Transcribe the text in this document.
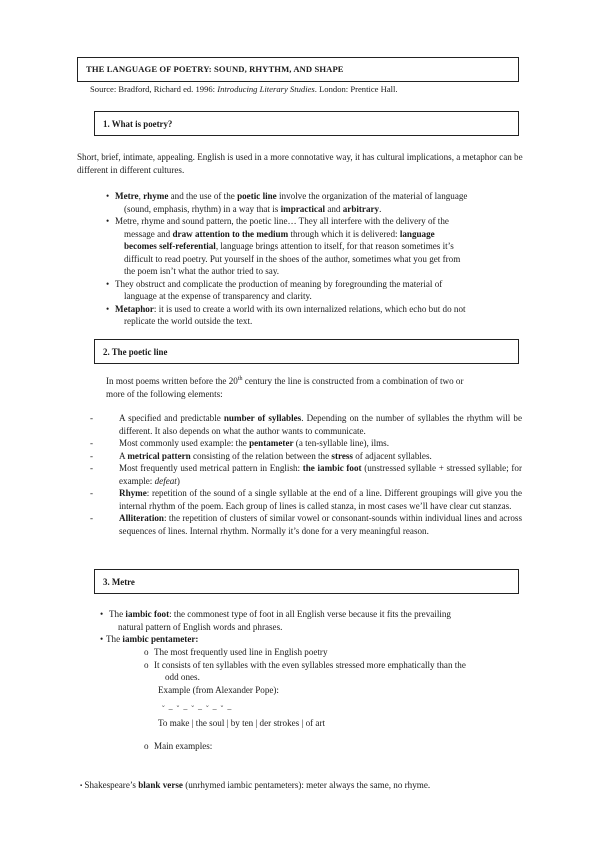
THE LANGUAGE OF POETRY: SOUND, RHYTHM, AND SHAPE
Source: Bradford, Richard ed. 1996: Introducing Literary Studies. London: Prentice Hall.
1. What is poetry?
Short, brief, intimate, appealing. English is used in a more connotative way, it has cultural implications, a metaphor can be different in different cultures.
• Metre, rhyme and the use of the poetic line involve the organization of the material of language
(sound, emphasis, rhythm) in a way that is impractical and arbitrary.
• Metre, rhyme and sound pattern, the poetic line… They all interfere with the delivery of the
message and draw attention to the medium through which it is delivered: language
becomes self-referential, language brings attention to itself, for that reason sometimes it’s
difficult to read poetry. Put yourself in the shoes of the author, sometimes what you get from
the poem isn’t what the author tried to say.
• They obstruct and complicate the production of meaning by foregrounding the material of
language at the expense of transparency and clarity.
• Metaphor: it is used to create a world with its own internalized relations, which echo but do not
replicate the world outside the text.
2. The poetic line
In most poems written before the 20th century the line is constructed from a combination of two or
more of the following elements:
-	A specified and predictable number of syllables. Depending on the number of syllables the rhythm will be different. It also depends on what the author wants to communicate.
-	Most commonly used example: the pentameter (a ten-syllable line), ilms.
-	A metrical pattern consisting of the relation between the stress of adjacent syllables.
-	Most frequently used metrical pattern in English: the iambic foot (unstressed syllable + stressed syllable; for example: defeat)
-	Rhyme: repetition of the sound of a single syllable at the end of a line. Different groupings will give you the internal rhythm of the poem. Each group of lines is called stanza, in most cases we’ll have clear cut stanzas.
-	Alliteration: the repetition of clusters of similar vowel or consonant-sounds within individual lines and across sequences of lines. Internal rhythm. Normally it’s done for a very meaningful reason.
3. Metre
• The iambic foot: the commonest type of foot in all English verse because it fits the prevailing
natural pattern of English words and phrases.
• The iambic pentameter:
o The most frequently used line in English poetry
o It consists of ten syllables with the even syllables stressed more emphatically than the
odd ones.
Example (from Alexander Pope):
˘ – ˘ – ˘ – ˘ – ˘ –
To make | the soul | by ten | der strokes | of art
o Main examples:
▪ Shakespeare’s blank verse (unrhymed iambic pentameters): meter always the same, no rhyme.
